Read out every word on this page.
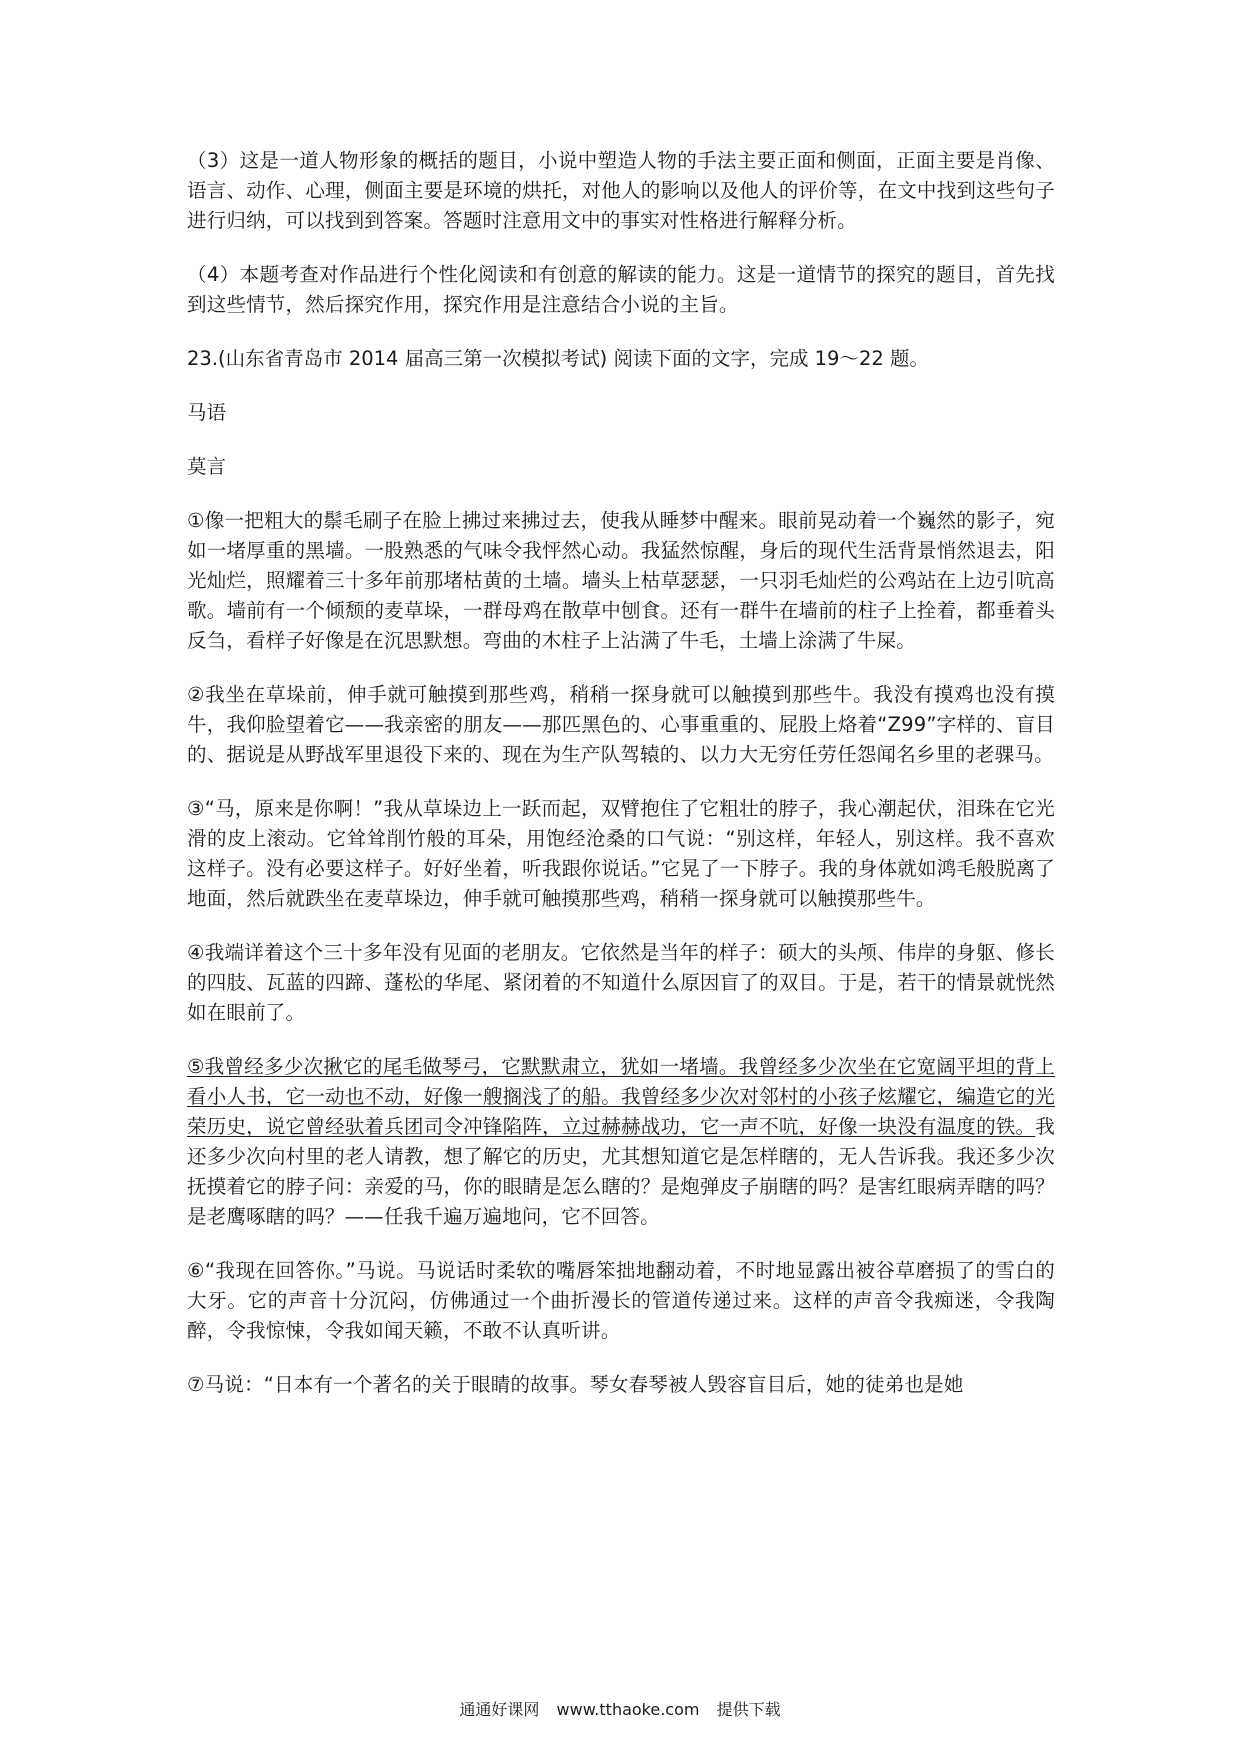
（3）这是一道人物形象的概括的题目，小说中塑造人物的手法主要正面和侧面，正面主要是肖像、语言、动作、心理，侧面主要是环境的烘托，对他人的影响以及他人的评价等，在文中找到这些句子进行归纳，可以找到到答案。答题时注意用文中的事实对性格进行解释分析。

（4）本题考查对作品进行个性化阅读和有创意的解读的能力。这是一道情节的探究的题目，首先找到这些情节，然后探究作用，探究作用是注意结合小说的主旨。

23.(山东省青岛市 2014 届高三第一次模拟考试) 阅读下面的文字，完成 19～22 题。

马语

莫言

①像一把粗大的鬃毛刷子在脸上拂过来拂过去，使我从睡梦中醒来。眼前晃动着一个巍然的影子，宛如一堵厚重的黑墙。一股熟悉的气味令我怦然心动。我猛然惊醒，身后的现代生活背景悄然退去，阳光灿烂，照耀着三十多年前那堵枯黄的土墙。墙头上枯草瑟瑟，一只羽毛灿烂的公鸡站在上边引吭高歌。墙前有一个倾颓的麦草垛，一群母鸡在散草中刨食。还有一群牛在墙前的柱子上拴着，都垂着头反刍，看样子好像是在沉思默想。弯曲的木柱子上沾满了牛毛，土墙上涂满了牛屎。

②我坐在草垛前，伸手就可触摸到那些鸡，稍稍一探身就可以触摸到那些牛。我没有摸鸡也没有摸牛，我仰脸望着它——我亲密的朋友——那匹黑色的、心事重重的、屁股上烙着“Z99”字样的、盲目的、据说是从野战军里退役下来的、现在为生产队驾辕的、以力大无穷任劳任怨闻名乡里的老骒马。

③“马，原来是你啊！”我从草垛边上一跃而起，双臂抱住了它粗壮的脖子，我心潮起伏，泪珠在它光滑的皮上滚动。它耸耸削竹般的耳朵，用饱经沧桑的口气说：“别这样，年轻人，别这样。我不喜欢这样子。没有必要这样子。好好坐着，听我跟你说话。”它晃了一下脖子。我的身体就如鸿毛般脱离了地面，然后就跌坐在麦草垛边，伸手就可触摸那些鸡，稍稍一探身就可以触摸那些牛。

④我端详着这个三十多年没有见面的老朋友。它依然是当年的样子：硕大的头颅、伟岸的身躯、修长的四肢、瓦蓝的四蹄、蓬松的华尾、紧闭着的不知道什么原因盲了的双目。于是，若干的情景就恍然如在眼前了。

⑤我曾经多少次揪它的尾毛做琴弓，它默默肃立，犹如一堵墙。我曾经多少次坐在它宽阔平坦的背上看小人书，它一动也不动，好像一艘搁浅了的船。我曾经多少次对邻村的小孩子炫耀它，编造它的光荣历史，说它曾经驮着兵团司令冲锋陷阵，立过赫赫战功，它一声不吭，好像一块没有温度的铁。我还多少次向村里的老人请教，想了解它的历史，尤其想知道它是怎样瞎的，无人告诉我。我还多少次抚摸着它的脖子问：亲爱的马，你的眼睛是怎么瞎的？是炮弹皮子崩瞎的吗？是害红眼病弄瞎的吗？是老鹰啄瞎的吗？——任我千遍万遍地问，它不回答。

⑥“我现在回答你。”马说。马说话时柔软的嘴唇笨拙地翻动着，不时地显露出被谷草磨损了的雪白的大牙。它的声音十分沉闷，仿佛通过一个曲折漫长的管道传递过来。这样的声音令我痴迷，令我陶醉，令我惊悚，令我如闻天籁，不敢不认真听讲。

⑦马说：“日本有一个著名的关于眼睛的故事。琴女春琴被人毁容盲目后，她的徒弟也是她

通通好课网 www.tthaoke.com 提供下载
